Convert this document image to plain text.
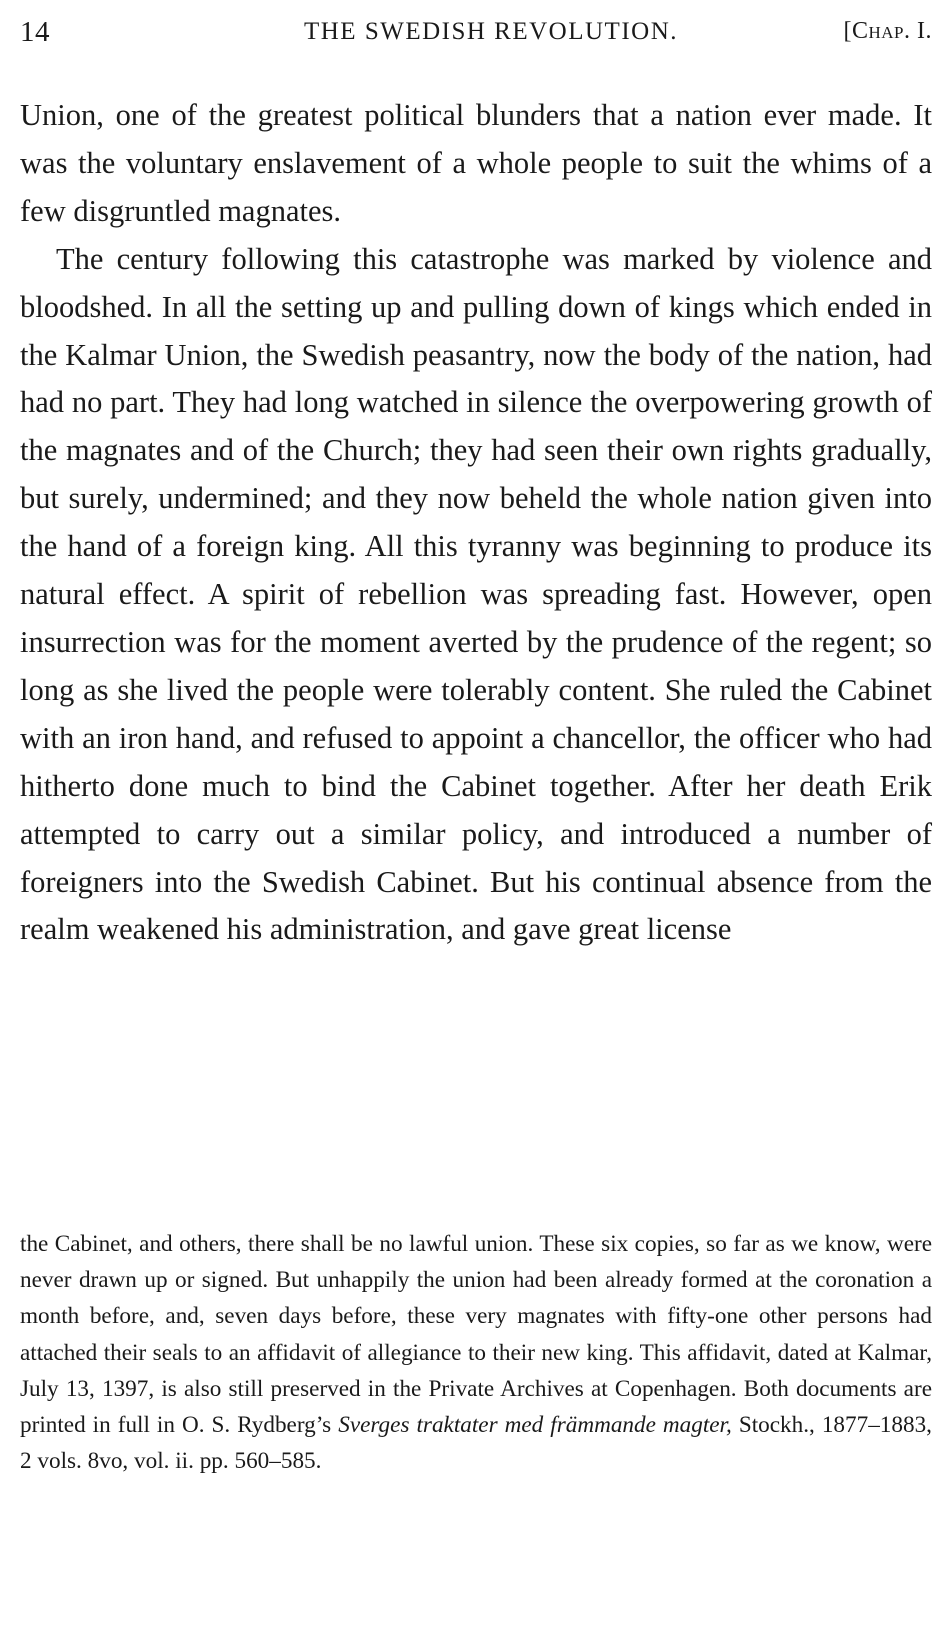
14	THE SWEDISH REVOLUTION.	[Chap. I.

Union, one of the greatest political blunders that a nation ever made. It was the voluntary enslavement of a whole people to suit the whims of a few disgruntled magnates.

The century following this catastrophe was marked by violence and bloodshed. In all the setting up and pulling down of kings which ended in the Kalmar Union, the Swedish peasantry, now the body of the nation, had had no part. They had long watched in silence the overpowering growth of the magnates and of the Church; they had seen their own rights gradually, but surely, undermined; and they now beheld the whole nation given into the hand of a foreign king. All this tyranny was beginning to produce its natural effect. A spirit of rebellion was spreading fast. However, open insurrection was for the moment averted by the prudence of the regent; so long as she lived the people were tolerably content. She ruled the Cabinet with an iron hand, and refused to appoint a chancellor, the officer who had hitherto done much to bind the Cabinet together. After her death Erik attempted to carry out a similar policy, and introduced a number of foreigners into the Swedish Cabinet. But his continual absence from the realm weakened his administration, and gave great license

the Cabinet, and others, there shall be no lawful union. These six copies, so far as we know, were never drawn up or signed. But unhappily the union had been already formed at the coronation a month before, and, seven days before, these very magnates with fifty-one other persons had attached their seals to an affidavit of allegiance to their new king. This affidavit, dated at Kalmar, July 13, 1397, is also still preserved in the Private Archives at Copenhagen. Both documents are printed in full in O. S. Rydberg’s Sverges traktater med främmande magter, Stockh., 1877–1883, 2 vols. 8vo, vol. ii. pp. 560–585.
